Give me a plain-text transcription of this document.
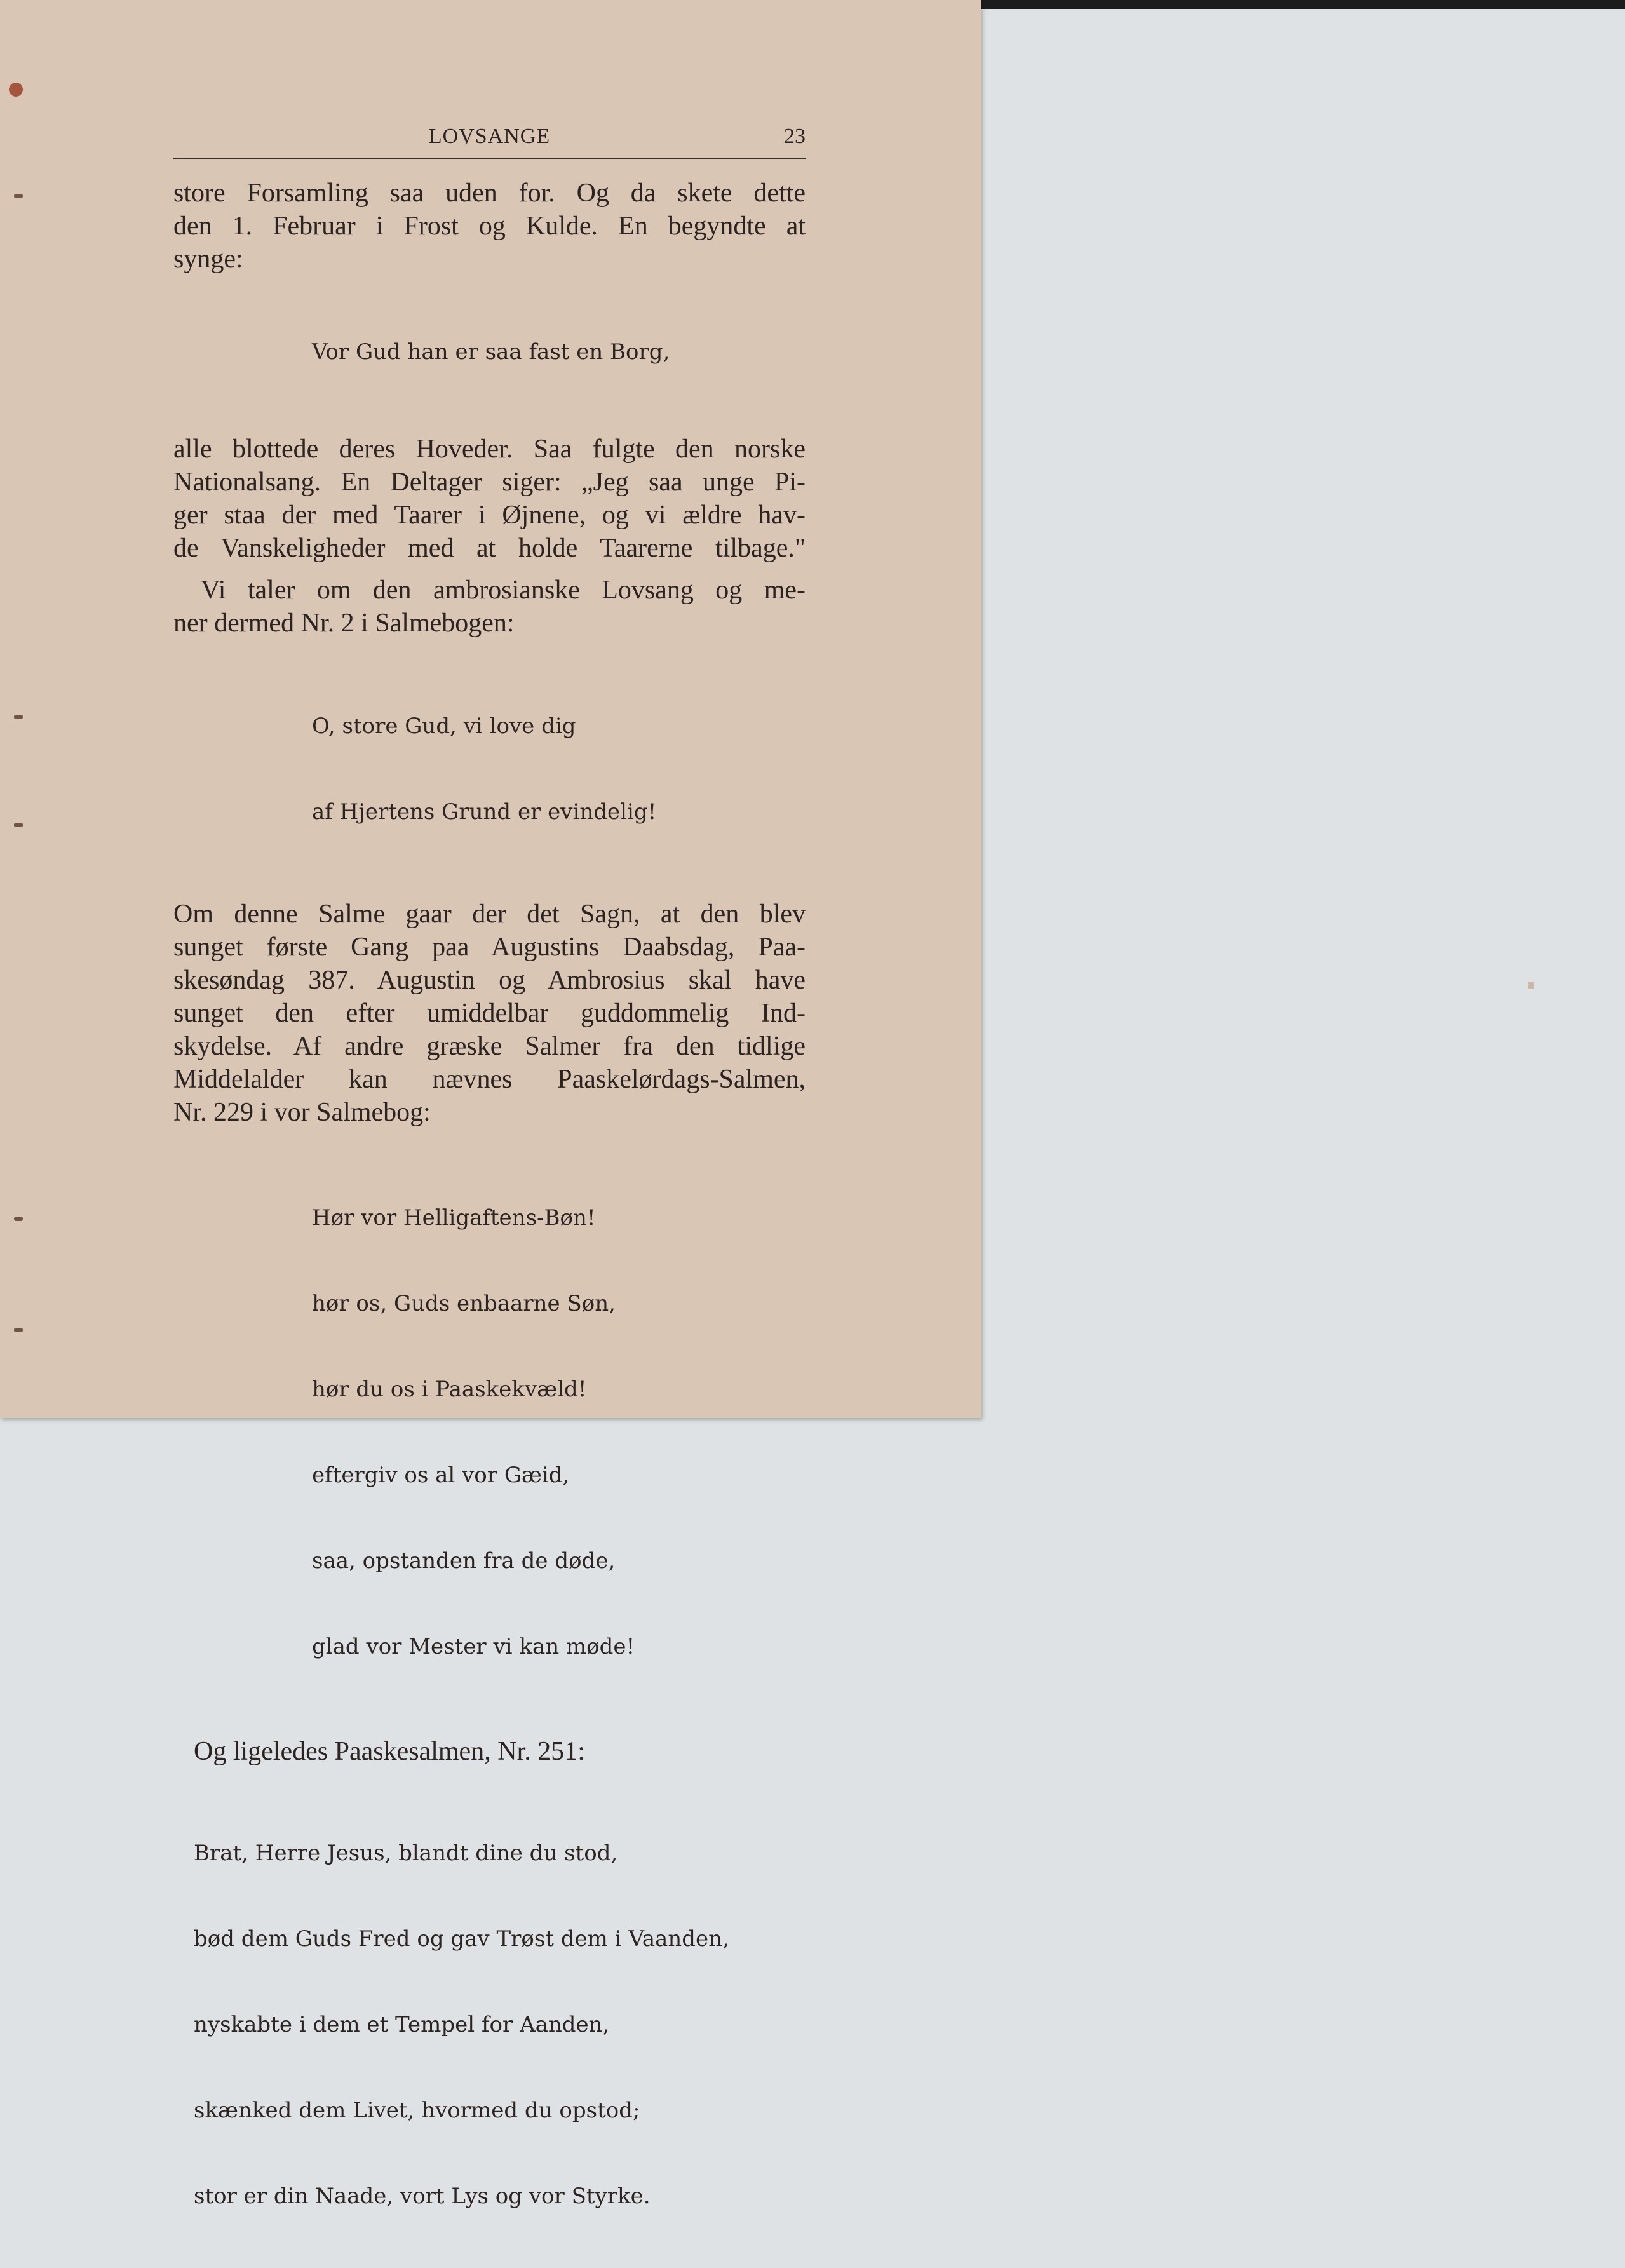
LOVSANGE	23

store Forsamling saa uden for. Og da skete dette
den 1. Februar i Frost og Kulde. En begyndte at
synge:

Vor Gud han er saa fast en Borg,

alle blottede deres Hoveder. Saa fulgte den norske
Nationalsang. En Deltager siger: „Jeg saa unge Pi-
ger staa der med Taarer i Øjnene, og vi ældre hav-
de Vanskeligheder med at holde Taarerne tilbage."

Vi taler om den ambrosianske Lovsang og me-

ner dermed Nr. 2 i Salmebogen:

O, store Gud, vi love dig

af Hjertens Grund er evindelig!

Om denne Salme gaar der det Sagn, at den blev
sunget første Gang paa Augustins Daabsdag, Paa-
skesøndag 387. Augustin og Ambrosius skal have
sunget den efter umiddelbar guddommelig Ind-
skydelse. Af andre græske Salmer fra den tidlige
Middelalder kan nævnes Paaskelørdags-Salmen,
Nr. 229 i vor Salmebog:

Hør vor Helligaftens-Bøn!

hør os, Guds enbaarne Søn,

hør du os i Paaskekvæld!

eftergiv os al vor Gæid,

saa, opstanden fra de døde,

glad vor Mester vi kan møde!

Og ligeledes Paaskesalmen, Nr. 251:

Brat, Herre Jesus, blandt dine du stod,

bød dem Guds Fred og gav Trøst dem i Vaanden,

nyskabte i dem et Tempel for Aanden,

skænked dem Livet, hvormed du opstod;

stor er din Naade, vort Lys og vor Styrke.
